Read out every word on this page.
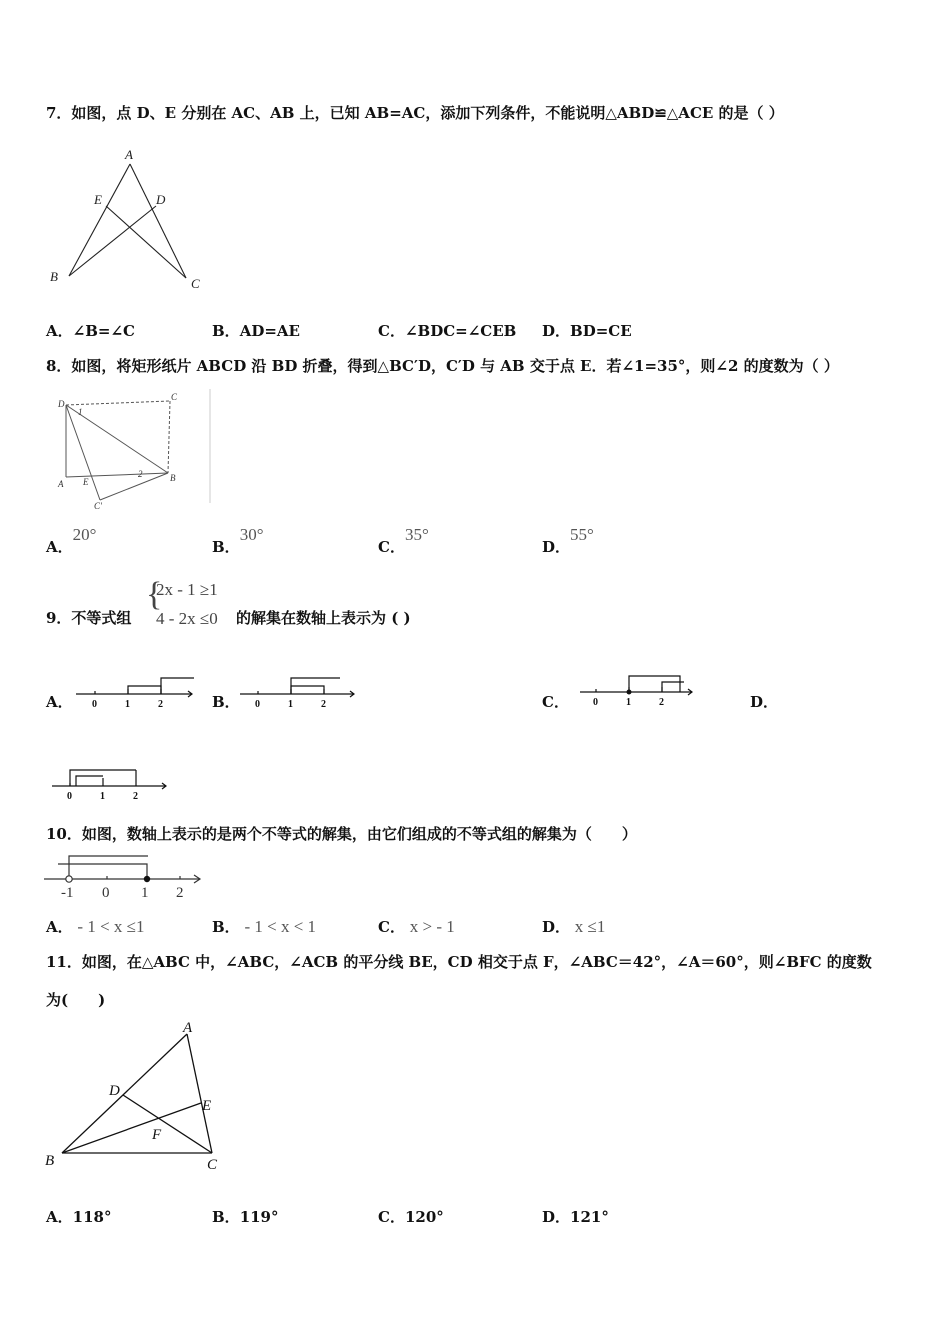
7．如图，点 D、E 分别在 AC、AB 上，已知 AB=AC，添加下列条件，不能说明△ABD≌△ACE 的是（ ）
A
B	C
D
E
A．∠B=∠C	B．AD=AE	C．∠BDC=∠CEB D．BD=CE
8．如图，将矩形纸片 ABCD 沿 BD 折叠，得到△BC′D，C′D 与 AB 交于点 E．若∠1=35°，则∠2 的度数为（ ）
D
C
A
B
E
C'
1
2
A．20°
B．30°
C．35°
D．55°
9．不等式组
{
2x - 1 ≥1
4 - 2x ≤0 的解集在数轴上表示为 ( )
A． 0	1	2	B． 0	1	2	C． 0	1	2	D．
0	1	2
10．如图，数轴上表示的是两个不等式的解集，由它们组成的不等式组的解集为（　　）
-1 0 1 2
A． - 1 < x ≤1	B． - 1 < x < 1	C． x > - 1	D． x ≤1
11．如图，在△ABC 中，∠ABC，∠ACB 的平分线 BE，CD 相交于点 F，∠ABC＝42°，∠A＝60°，则∠BFC 的度数
为(　　)
A
B	C
D
E
F
A．118°	B．119°	C．120°	D．121°
